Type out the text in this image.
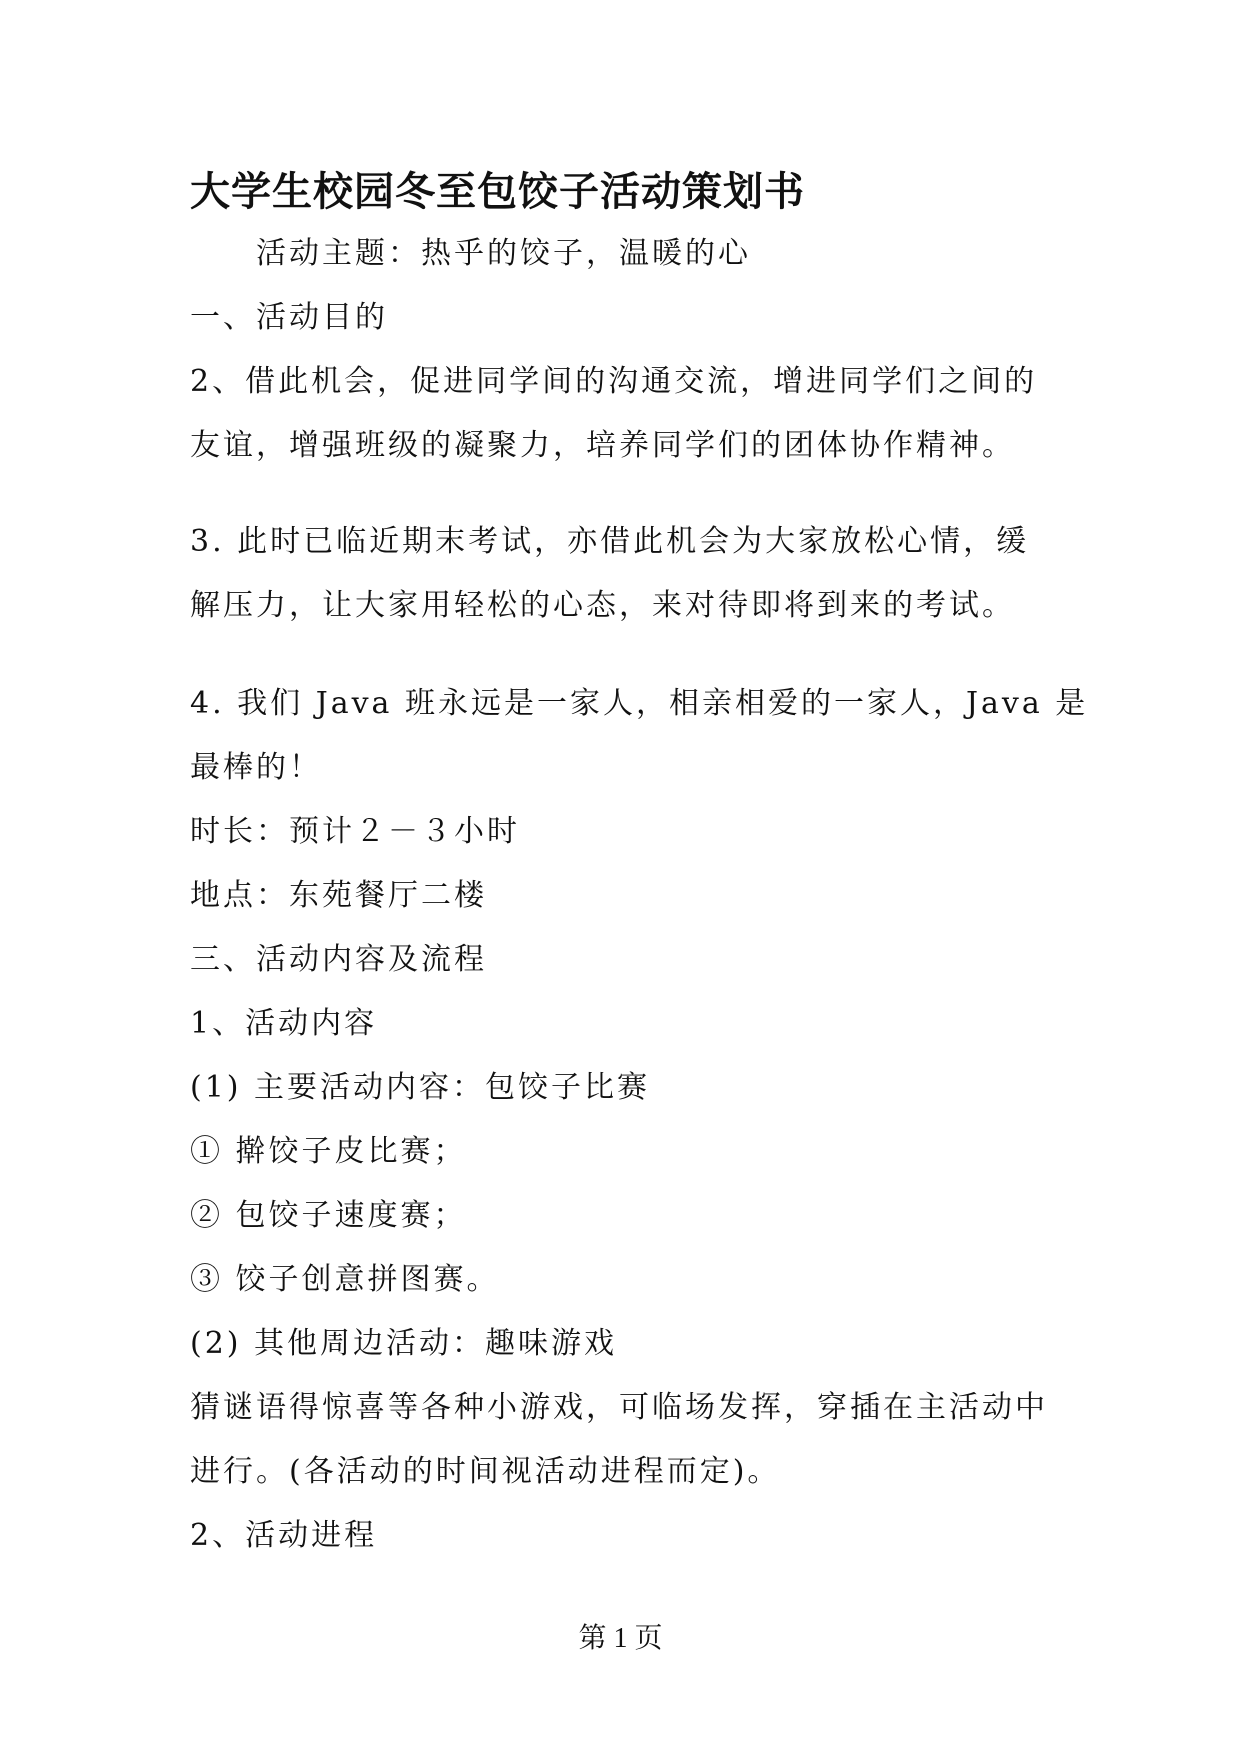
大学生校园冬至包饺子活动策划书
活动主题：热乎的饺子，温暖的心
一、活动目的
2、借此机会，促进同学间的沟通交流，增进同学们之间的
友谊，增强班级的凝聚力，培养同学们的团体协作精神。
3. 此时已临近期末考试，亦借此机会为大家放松心情，缓
解压力，让大家用轻松的心态，来对待即将到来的考试。
4. 我们 Java 班永远是一家人，相亲相爱的一家人，Java 是
最棒的！
时长：预计２－３小时
地点：东苑餐厅二楼
三、活动内容及流程
1、活动内容
(1) 主要活动内容：包饺子比赛
① 擀饺子皮比赛；
② 包饺子速度赛；
③ 饺子创意拼图赛。
(2) 其他周边活动：趣味游戏
猜谜语得惊喜等各种小游戏，可临场发挥，穿插在主活动中
进行。(各活动的时间视活动进程而定)。
2、活动进程
第 1 页
